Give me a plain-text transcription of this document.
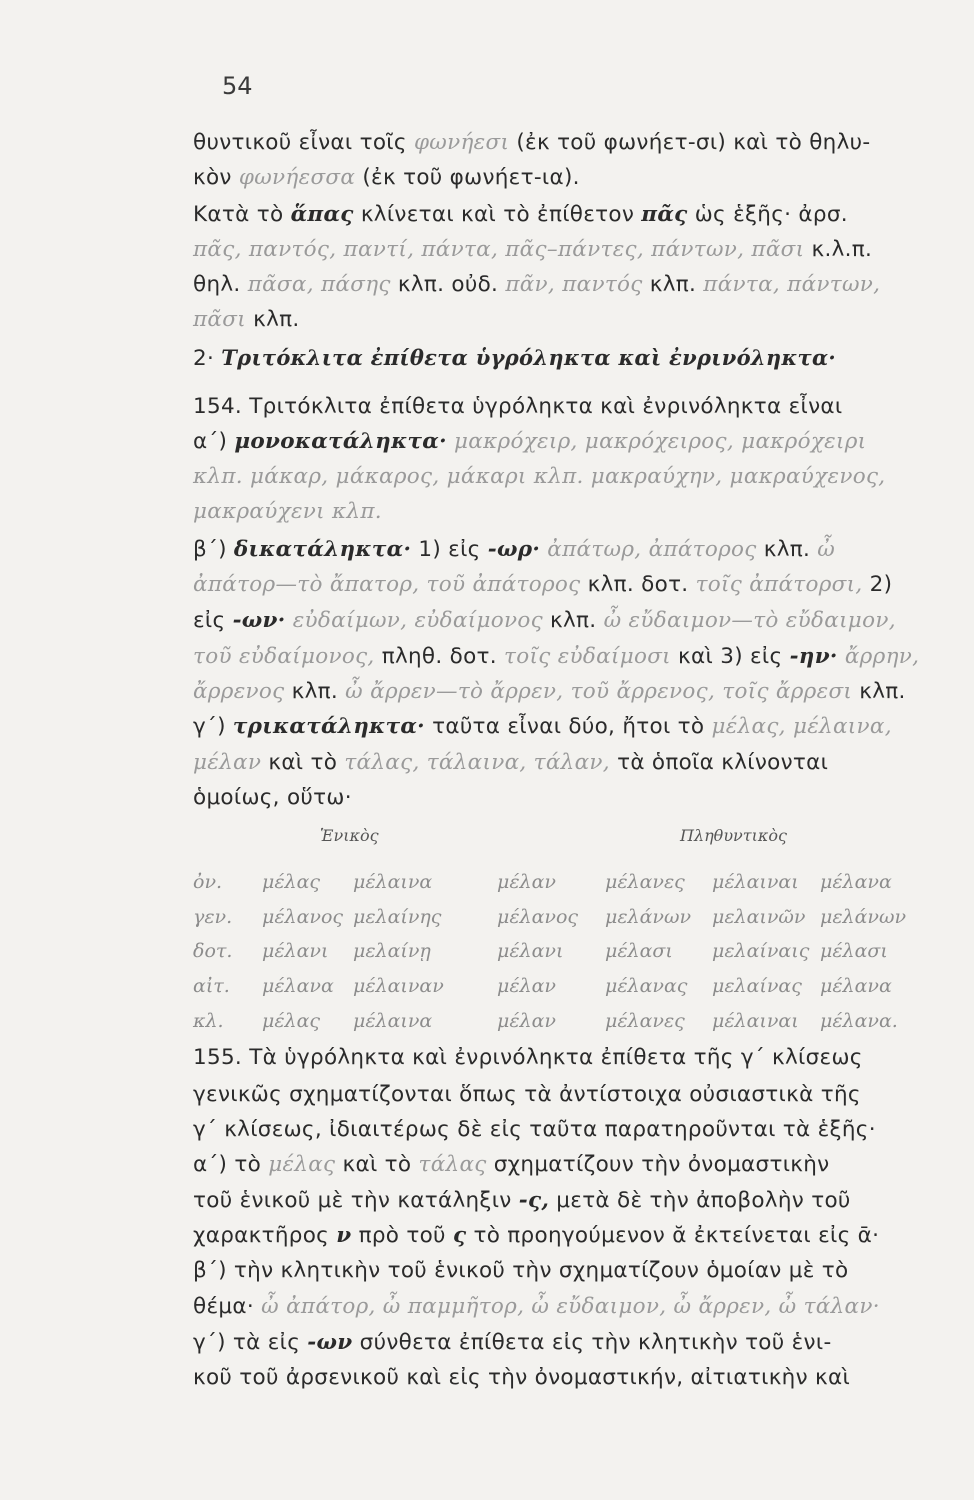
54
θυντικοῦ εἶναι τοῖς φωνήεσι (ἐκ τοῦ φωνήετ-σι) καὶ τὸ θηλυ-
κὸν φωνήεσσα (ἐκ τοῦ φωνήετ-ια).
Κατὰ τὸ ἅπας κλίνεται καὶ τὸ ἐπίθετον πᾶς ὡς ἑξῆς· ἀρσ.
πᾶς, παντός, παντί, πάντα, πᾶς–πάντες, πάντων, πᾶσι κ.λ.π.
θηλ. πᾶσα, πάσης κλπ. οὐδ. πᾶν, παντός κλπ. πάντα, πάντων,
πᾶσι κλπ.
2· Τριτόκλιτα ἐπίθετα ὑγρόληκτα καὶ ἐνρινόληκτα·
154. Τριτόκλιτα ἐπίθετα ὑγρόληκτα καὶ ἐνρινόληκτα εἶναι
α´) μονοκατάληκτα· μακρόχειρ, μακρόχειρος, μακρόχειρι
κλπ. μάκαρ, μάκαρος, μάκαρι κλπ. μακραύχην, μακραύχενος,
μακραύχενι κλπ.
β´) δικατάληκτα· 1) εἰς -ωρ· ἀπάτωρ, ἀπάτορος κλπ. ὦ
ἀπάτορ—τὸ ἄπατορ, τοῦ ἀπάτορος κλπ. δοτ. τοῖς ἀπάτορσι, 2)
εἰς -ων· εὐδαίμων, εὐδαίμονος κλπ. ὦ εὔδαιμον—τὸ εὔδαιμον,
τοῦ εὐδαίμονος, πληθ. δοτ. τοῖς εὐδαίμοσι καὶ 3) εἰς -ην· ἄρρην,
ἄρρενος κλπ. ὦ ἄρρεν—τὸ ἄρρεν, τοῦ ἄρρενος, τοῖς ἄρρεσι κλπ.
γ´) τρικατάληκτα· ταῦτα εἶναι δύο, ἤτοι τὸ μέλας, μέλαινα,
μέλαν καὶ τὸ τάλας, τάλαινα, τάλαν, τὰ ὁποῖα κλίνονται
ὁμοίως, οὕτω·
155. Τὰ ὑγρόληκτα καὶ ἐνρινόληκτα ἐπίθετα τῆς γ´ κλίσεως
γενικῶς σχηματίζονται ὅπως τὰ ἀντίστοιχα οὐσιαστικὰ τῆς
γ´ κλίσεως, ἰδιαιτέρως δὲ εἰς ταῦτα παρατηροῦνται τὰ ἑξῆς·
α´) τὸ μέλας καὶ τὸ τάλας σχηματίζουν τὴν ὀνομαστικὴν
τοῦ ἑνικοῦ μὲ τὴν κατάληξιν -ς, μετὰ δὲ τὴν ἀποβολὴν τοῦ
χαρακτῆρος ν πρὸ τοῦ ς τὸ προηγούμενον ᾰ ἐκτείνεται εἰς ᾱ·
β´) τὴν κλητικὴν τοῦ ἑνικοῦ τὴν σχηματίζουν ὁμοίαν μὲ τὸ
θέμα· ὦ ἀπάτορ, ὦ παμμῆτορ, ὦ εὔδαιμον, ὦ ἄρρεν, ὦ τάλαν·
γ´) τὰ εἰς -ων σύνθετα ἐπίθετα εἰς τὴν κλητικὴν τοῦ ἑνι-
κοῦ τοῦ ἀρσενικοῦ καὶ εἰς τὴν ὀνομαστικήν, αἰτιατικὴν καὶ
Ἑνικὸς	Πληθυντικὸς
ὀν. μέλας μέλαινα	μέλαν	μέλανες μέλαιναι μέλανα
γεν. μέλανος μελαίνης	μέλανος μελάνων μελαινῶν μελάνων
δοτ. μέλανι μελαίνῃ	μέλανι μέλασι μελαίναις μέλασι
αἰτ. μέλανα μέλαιναν	μέλαν	μέλανας μελαίνας μέλανα
κλ. μέλας μέλαινα	μέλαν	μέλανες μέλαιναι μέλανα.
